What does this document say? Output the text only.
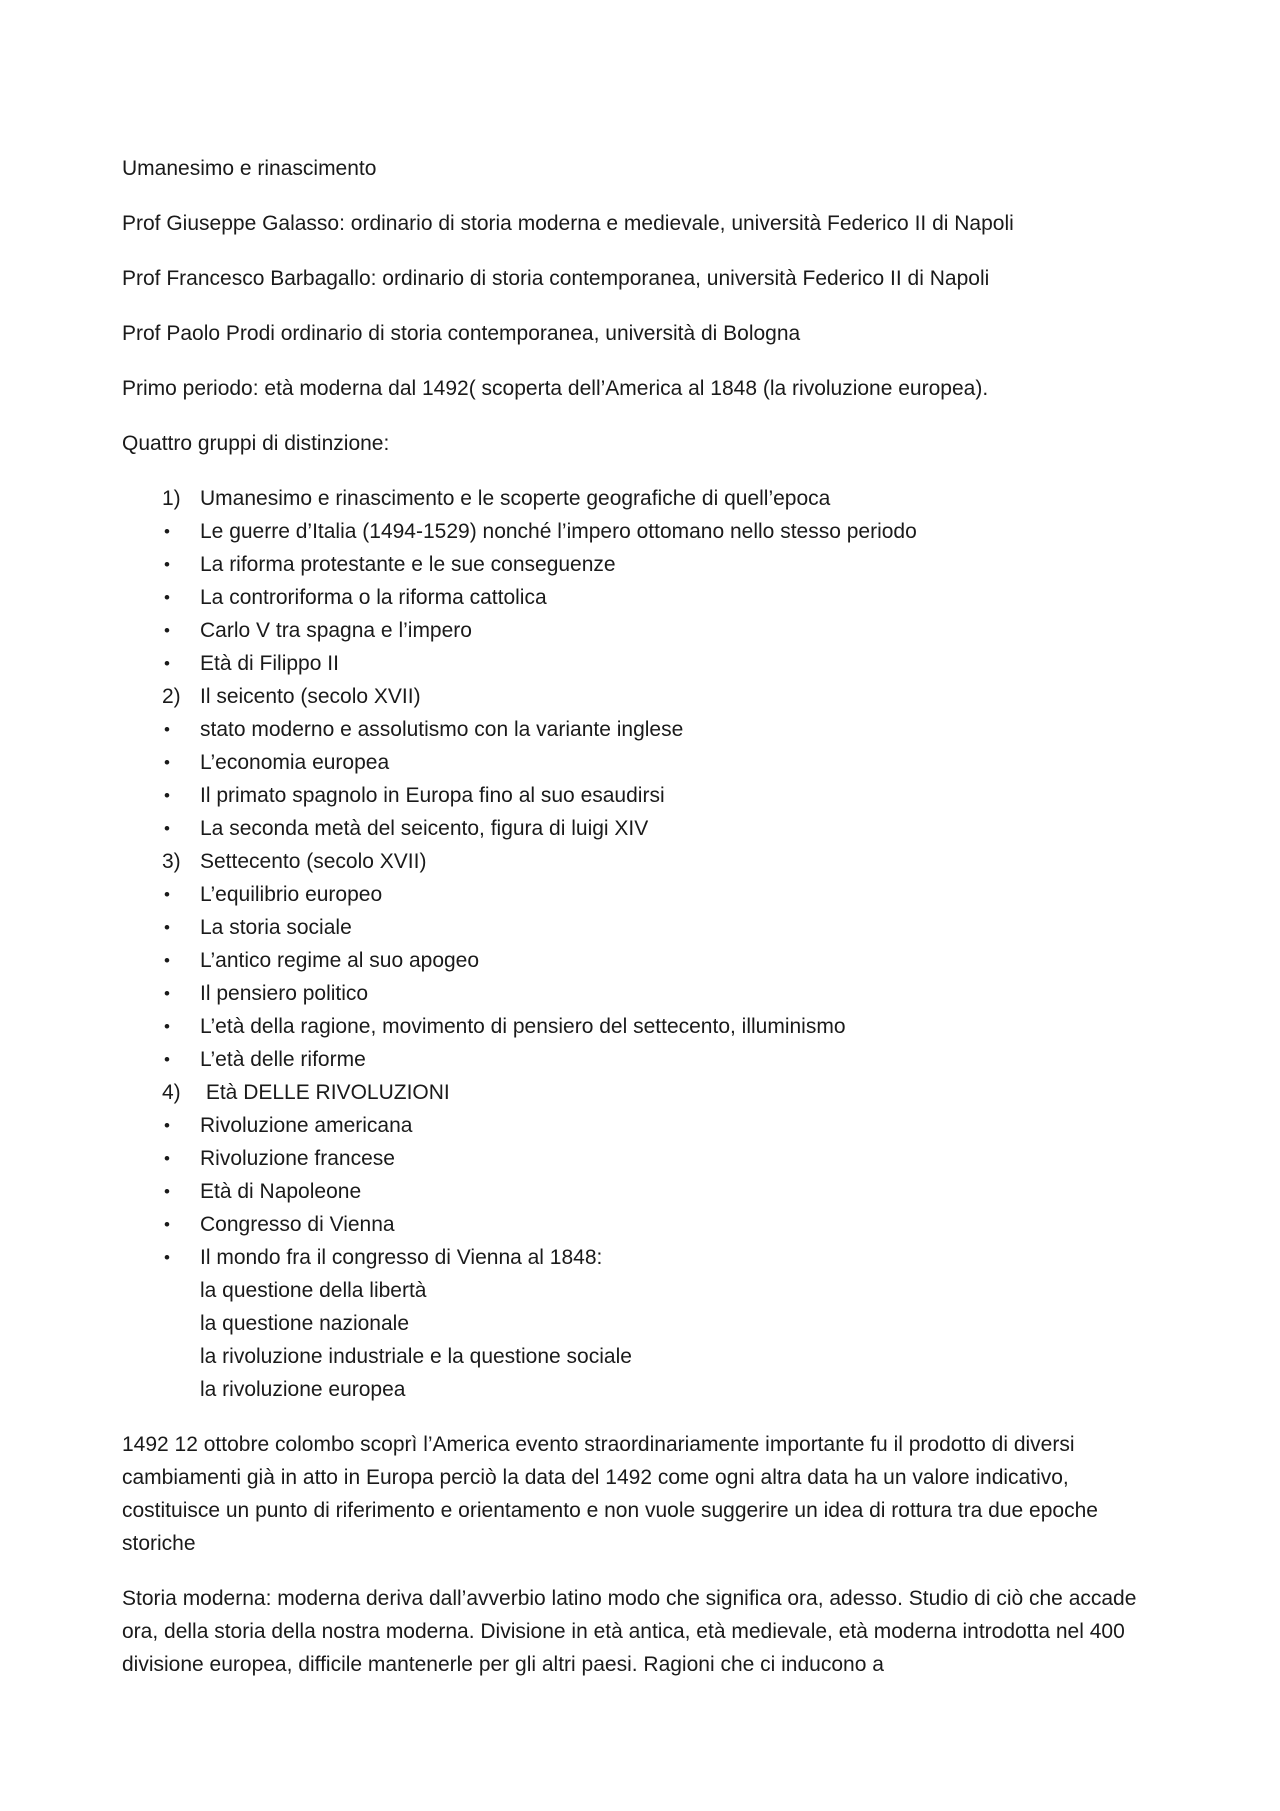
Umanesimo e rinascimento

Prof Giuseppe Galasso: ordinario di storia moderna e medievale, università Federico II di Napoli

Prof Francesco Barbagallo: ordinario di storia contemporanea, università Federico II di Napoli

Prof Paolo Prodi ordinario di storia contemporanea, università di Bologna

Primo periodo: età moderna dal 1492( scoperta dell’America al 1848 (la rivoluzione europea).

Quattro gruppi di distinzione:

1) Umanesimo e rinascimento e le scoperte geografiche di quell’epoca
• Le guerre d’Italia (1494-1529) nonché l’impero ottomano nello stesso periodo
• La riforma protestante e le sue conseguenze
• La controriforma o la riforma cattolica
• Carlo V tra spagna e l’impero
• Età di Filippo II
2) Il seicento (secolo XVII)
• stato moderno e assolutismo con la variante inglese
• L’economia europea
• Il primato spagnolo in Europa fino al suo esaudirsi
• La seconda metà del seicento, figura di luigi XIV
3) Settecento (secolo XVII)
• L’equilibrio europeo
• La storia sociale
• L’antico regime al suo apogeo
• Il pensiero politico
• L’età della ragione, movimento di pensiero del settecento, illuminismo
• L’età delle riforme
4) Età DELLE RIVOLUZIONI
• Rivoluzione americana
• Rivoluzione francese
• Età di Napoleone
• Congresso di Vienna
• Il mondo fra il congresso di Vienna al 1848:
la questione della libertà
la questione nazionale
la rivoluzione industriale e la questione sociale
la rivoluzione europea

1492 12 ottobre colombo scoprì l’America evento straordinariamente importante fu il prodotto di diversi cambiamenti già in atto in Europa perciò la data del 1492 come ogni altra data ha un valore indicativo, costituisce un punto di riferimento e orientamento e non vuole suggerire un idea di rottura tra due epoche storiche

Storia moderna: moderna deriva dall’avverbio latino modo che significa ora, adesso. Studio di ciò che accade ora, della storia della nostra moderna. Divisione in età antica, età medievale, età moderna introdotta nel 400 divisione europea, difficile mantenerle per gli altri paesi. Ragioni che ci inducono a
